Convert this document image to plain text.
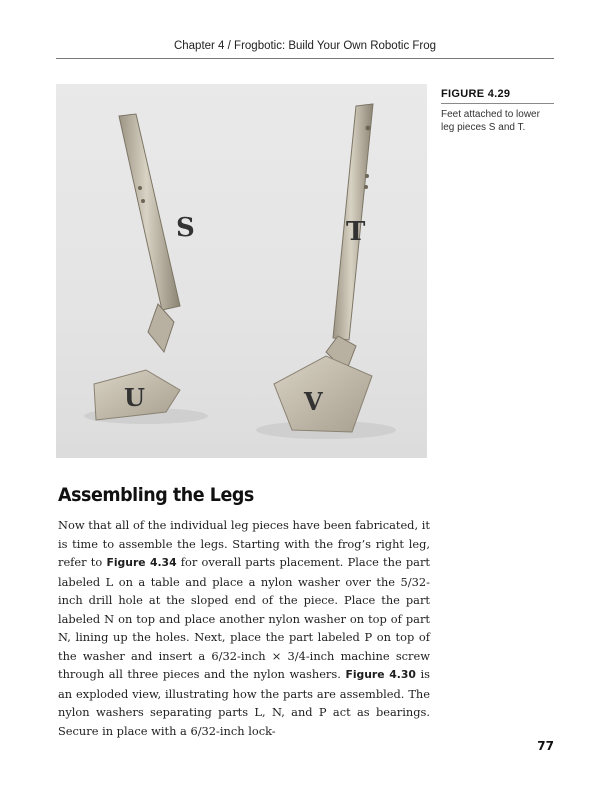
Chapter 4 / Frogbotic: Build Your Own Robotic Frog
S	T
U	V
FIGURE 4.29
Feet attached to lower leg pieces S and T.
Assembling the Legs

Now that all of the individual leg pieces have been fabricated, it is time to assemble the legs. Starting with the frog’s right leg, refer to Figure 4.34 for overall parts placement. Place the part labeled L on a table and place a nylon washer over the 5/32-inch drill hole at the sloped end of the piece. Place the part labeled N on top and place another nylon washer on top of part N, lining up the holes. Next, place the part labeled P on top of the washer and insert a 6/32-inch × 3/4-inch machine screw through all three pieces and the nylon washers. Figure 4.30 is an exploded view, illustrating how the parts are assembled. The nylon washers separating parts L, N, and P act as bearings. Secure in place with a 6/32-inch lock-

77
